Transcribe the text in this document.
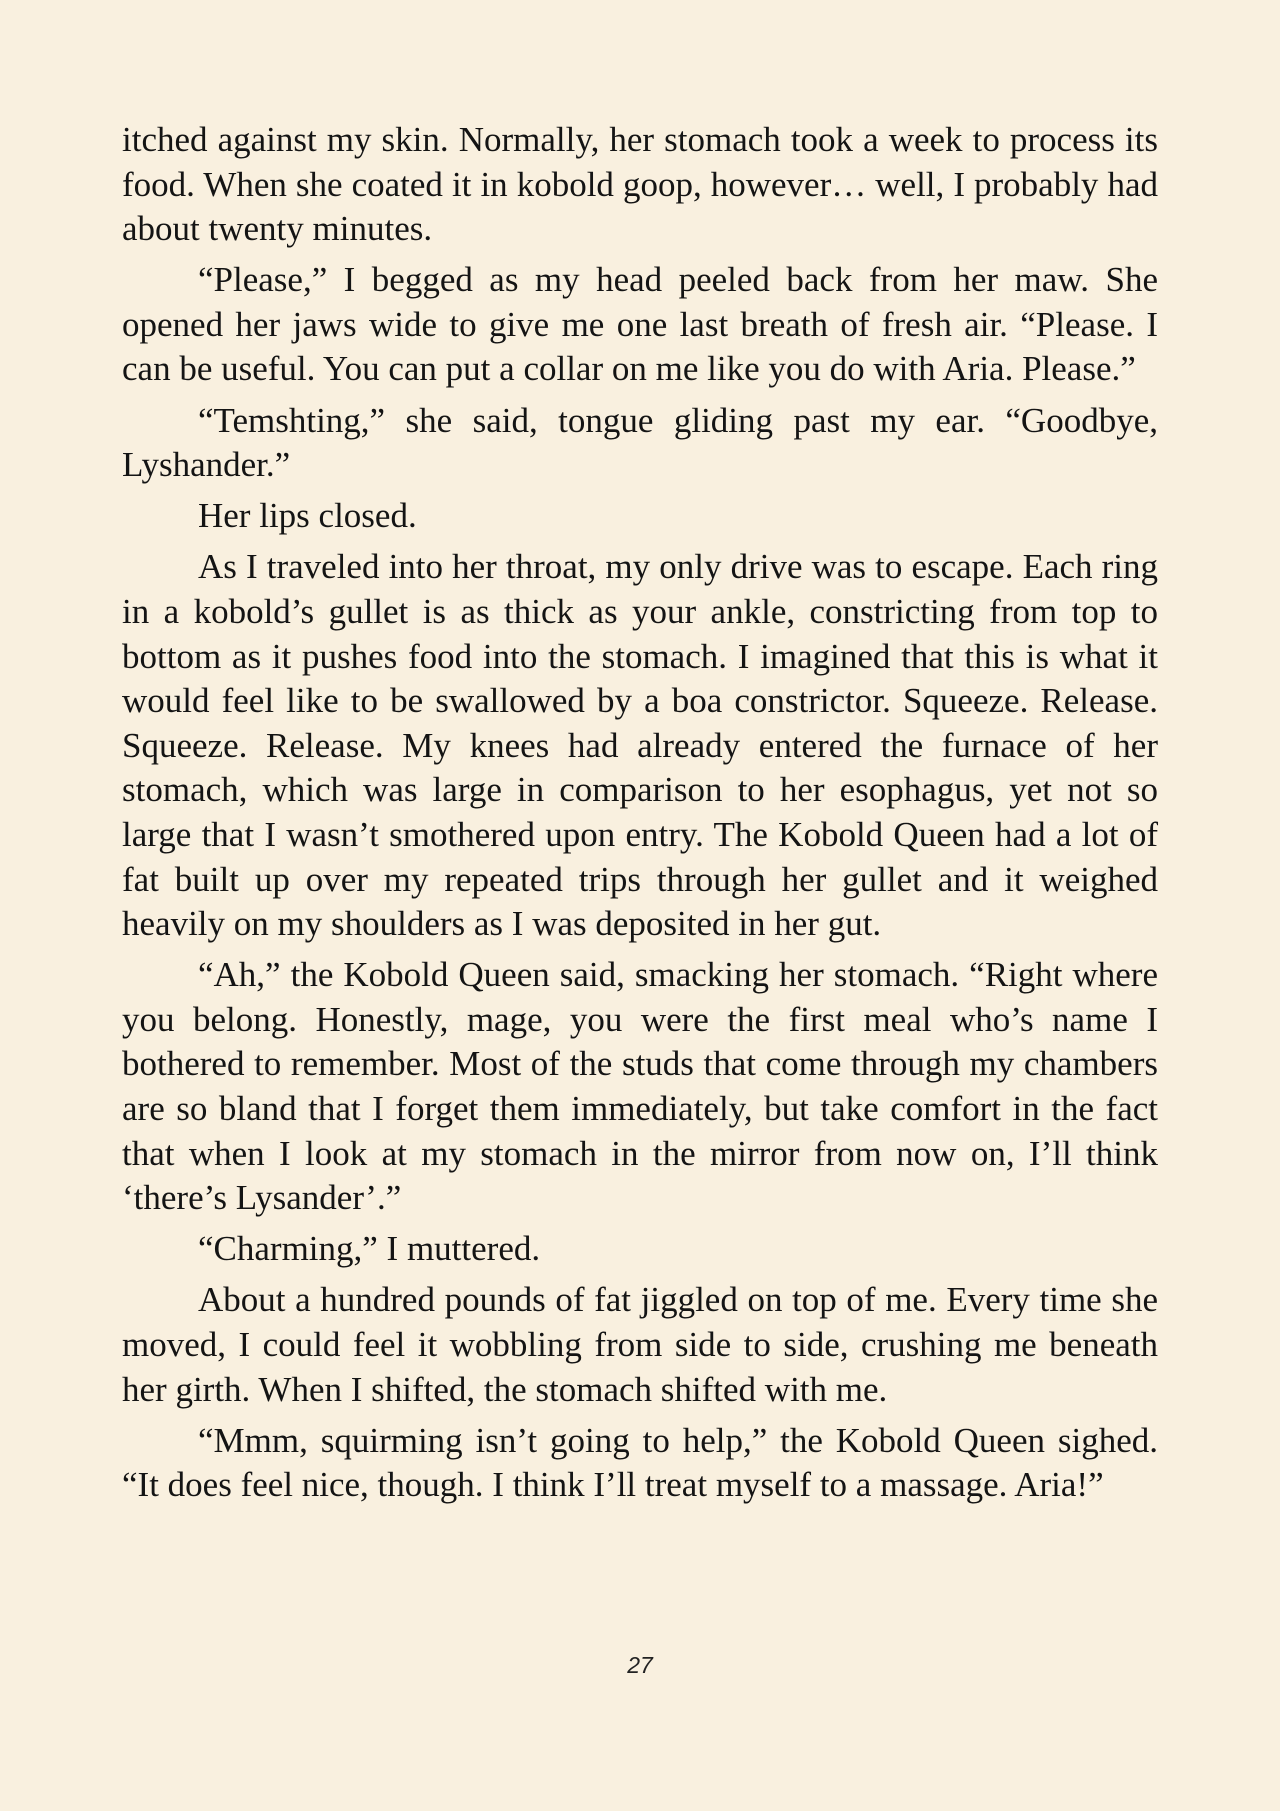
itched against my skin. Normally, her stomach took a week to process its food. When she coated it in kobold goop, however… well, I probably had about twenty minutes.

“Please,” I begged as my head peeled back from her maw. She opened her jaws wide to give me one last breath of fresh air. “Please. I can be useful. You can put a collar on me like you do with Aria. Please.”

“Temshting,” she said, tongue gliding past my ear. “Goodbye, Lyshander.”

Her lips closed.

As I traveled into her throat, my only drive was to escape. Each ring in a kobold’s gullet is as thick as your ankle, constricting from top to bottom as it pushes food into the stomach. I imagined that this is what it would feel like to be swallowed by a boa constrictor. Squeeze. Release. Squeeze. Release. My knees had already entered the furnace of her stomach, which was large in comparison to her esophagus, yet not so large that I wasn’t smothered upon entry. The Kobold Queen had a lot of fat built up over my repeated trips through her gullet and it weighed heavily on my shoulders as I was deposited in her gut.

“Ah,” the Kobold Queen said, smacking her stomach. “Right where you belong. Honestly, mage, you were the first meal who’s name I bothered to remember. Most of the studs that come through my chambers are so bland that I forget them immediately, but take comfort in the fact that when I look at my stomach in the mirror from now on, I’ll think ‘there’s Lysander’.”

“Charming,” I muttered.

About a hundred pounds of fat jiggled on top of me. Every time she moved, I could feel it wobbling from side to side, crushing me beneath her girth. When I shifted, the stomach shifted with me.

“Mmm, squirming isn’t going to help,” the Kobold Queen sighed. “It does feel nice, though. I think I’ll treat myself to a massage. Aria!”

27
